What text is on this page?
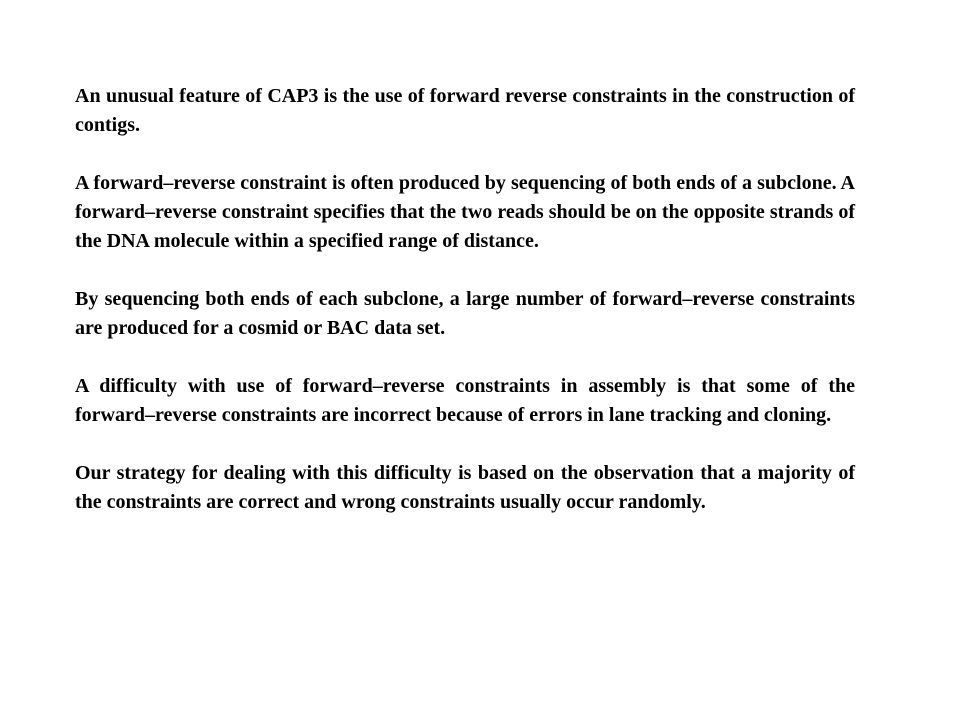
An unusual feature of CAP3 is the use of forward reverse constraints in the construction of contigs.

A forward–reverse constraint is often produced by sequencing of both ends of a subclone. A forward–reverse constraint specifies that the two reads should be on the opposite strands of the DNA molecule within a specified range of distance.

By sequencing both ends of each subclone, a large number of forward–reverse constraints are produced for a cosmid or BAC data set.

A difficulty with use of forward–reverse constraints in assembly is that some of the forward–reverse constraints are incorrect because of errors in lane tracking and cloning.

Our strategy for dealing with this difficulty is based on the observation that a majority of the constraints are correct and wrong constraints usually occur randomly.
